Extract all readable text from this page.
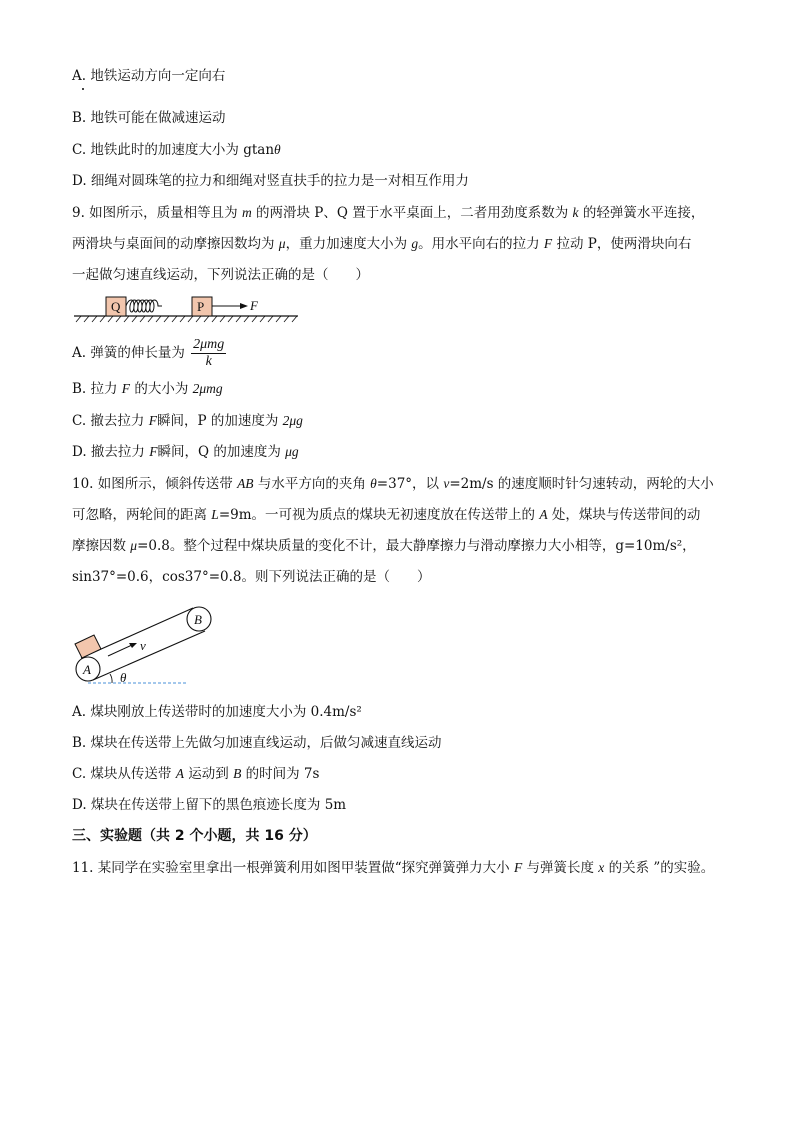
A. 地铁运动方向一定向右
B. 地铁可能在做减速运动
C. 地铁此时的加速度大小为 gtanθ
D. 细绳对圆珠笔的拉力和细绳对竖直扶手的拉力是一对相互作用力
9. 如图所示，质量相等且为 m 的两滑块 P、Q 置于水平桌面上，二者用劲度系数为 k 的轻弹簧水平连接，
两滑块与桌面间的动摩擦因数均为 μ，重力加速度大小为 g。用水平向右的拉力 F 拉动 P，使两滑块向右
一起做匀速直线运动，下列说法正确的是（　　）
Q	P	F
A. 弹簧的伸长量为 $\frac{\text{2μmg}}{k}$
B. 拉力 F 的大小为 2μmg
C. 撤去拉力 F瞬间，P 的加速度为 2μg
D. 撤去拉力 F瞬间，Q 的加速度为 μg
10. 如图所示，倾斜传送带 AB 与水平方向的夹角 θ=37°，以 v=2m/s 的速度顺时针匀速转动，两轮的大小
可忽略，两轮间的距离 L=9m。一可视为质点的煤块无初速度放在传送带上的 A 处，煤块与传送带间的动
摩擦因数 μ=0.8。整个过程中煤块质量的变化不计，最大静摩擦力与滑动摩擦力大小相等，g=10m/s²，
sin37°=0.6，cos37°=0.8。则下列说法正确的是（　　）
A
B
v
θ
A. 煤块刚放上传送带时的加速度大小为 0.4m/s²
B. 煤块在传送带上先做匀加速直线运动，后做匀减速直线运动
C. 煤块从传送带 A 运动到 B 的时间为 7s
D. 煤块在传送带上留下的黑色痕迹长度为 5m
三、实验题（共 2 个小题，共 16 分）
11. 某同学在实验室里拿出一根弹簧利用如图甲装置做“探究弹簧弹力大小 F 与弹簧长度 x 的关系 ”的实验。
